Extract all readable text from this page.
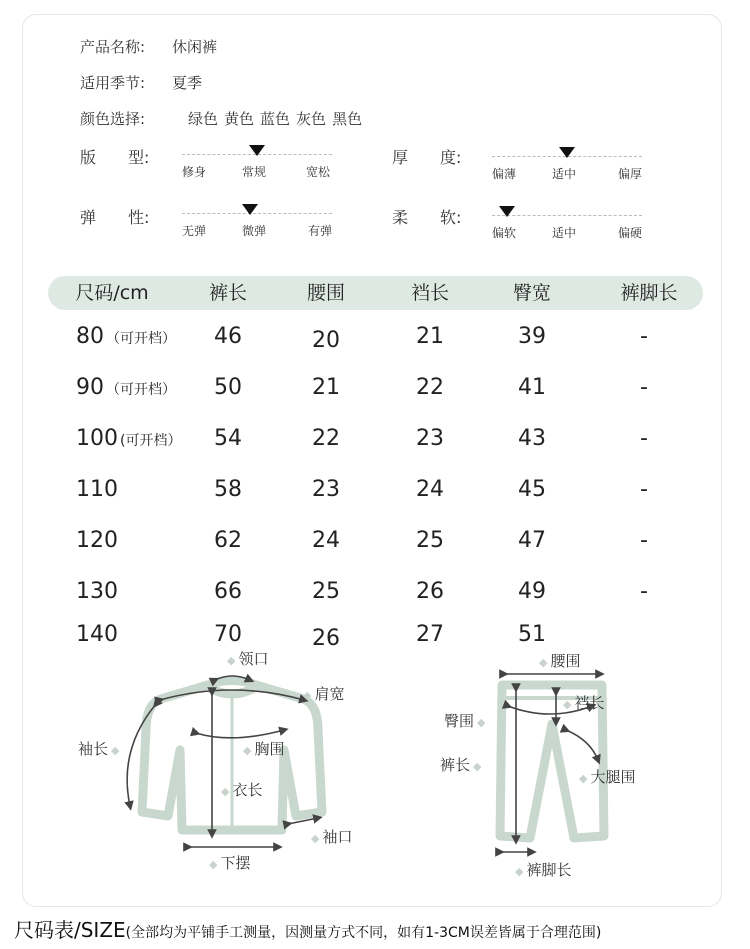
产品名称: 休闲裤
适用季节: 夏季
颜色选择:	绿色 黄色 蓝色 灰色 黑色
版　　型:
修身	常规	宽松
厚　　度:
偏薄	适中	偏厚
弹　　性:
无弹	微弹	有弹
柔　　软:
偏软	适中	偏硬
尺码/cm	裤长	腰围	裆长	臀宽	裤脚长
80 （可开档）	46	20	21	39	-
90 （可开档）	50	21	22	41	-
100 (可开档）	54	22	23	43	-
110	58	23	24	45	-
120	62	24	25	47	-
130	66	25	26	49	-
140	70	26	27	51
◆ 领口
◆ 肩宽
袖长 ◆	◆ 胸围
◆ 衣长
◆ 袖口
◆ 下摆
◆ 腰围
◆ 裆长
臀围 ◆
裤长 ◆
◆ 大腿围
◆ 裤脚长
尺码表/SIZE(全部均为平铺手工测量，因测量方式不同，如有1-3CM误差皆属于合理范围)
